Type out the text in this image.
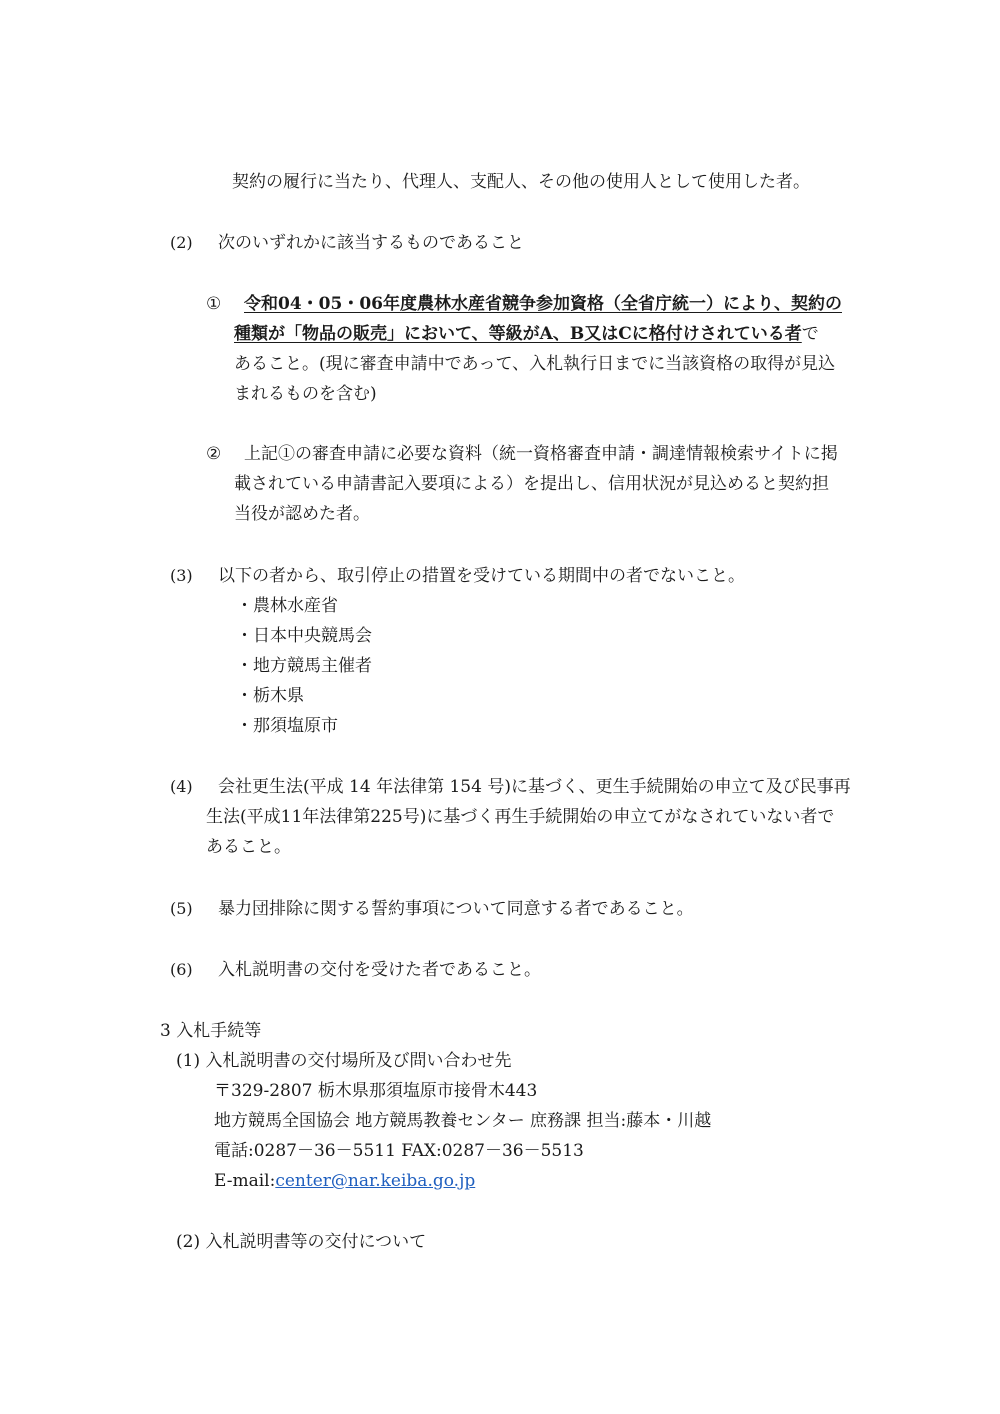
契約の履行に当たり、代理人、支配人、その他の使用人として使用した者。
(2) 次のいずれかに該当するものであること
① 令和04・05・06年度農林水産省競争参加資格（全省庁統一）により、契約の
種類が「物品の販売」において、等級がA、B又はCに格付けされている者で
あること。(現に審査申請中であって、入札執行日までに当該資格の取得が見込
まれるものを含む)
② 上記①の審査申請に必要な資料（統一資格審査申請・調達情報検索サイトに掲
載されている申請書記入要項による）を提出し、信用状況が見込めると契約担
当役が認めた者。
(3) 以下の者から、取引停止の措置を受けている期間中の者でないこと。
・農林水産省
・日本中央競馬会
・地方競馬主催者
・栃木県
・那須塩原市
(4) 会社更生法(平成 14 年法律第 154 号)に基づく、更生手続開始の申立て及び民事再
生法(平成11年法律第225号)に基づく再生手続開始の申立てがなされていない者で
あること。
(5) 暴力団排除に関する誓約事項について同意する者であること。
(6) 入札説明書の交付を受けた者であること。
3 入札手続等
(1) 入札説明書の交付場所及び問い合わせ先
〒329-2807 栃木県那須塩原市接骨木443
地方競馬全国協会 地方競馬教養センター 庶務課 担当:藤本・川越
電話:0287－36－5511 FAX:0287－36－5513
E-mail:center@nar.keiba.go.jp
(2) 入札説明書等の交付について
